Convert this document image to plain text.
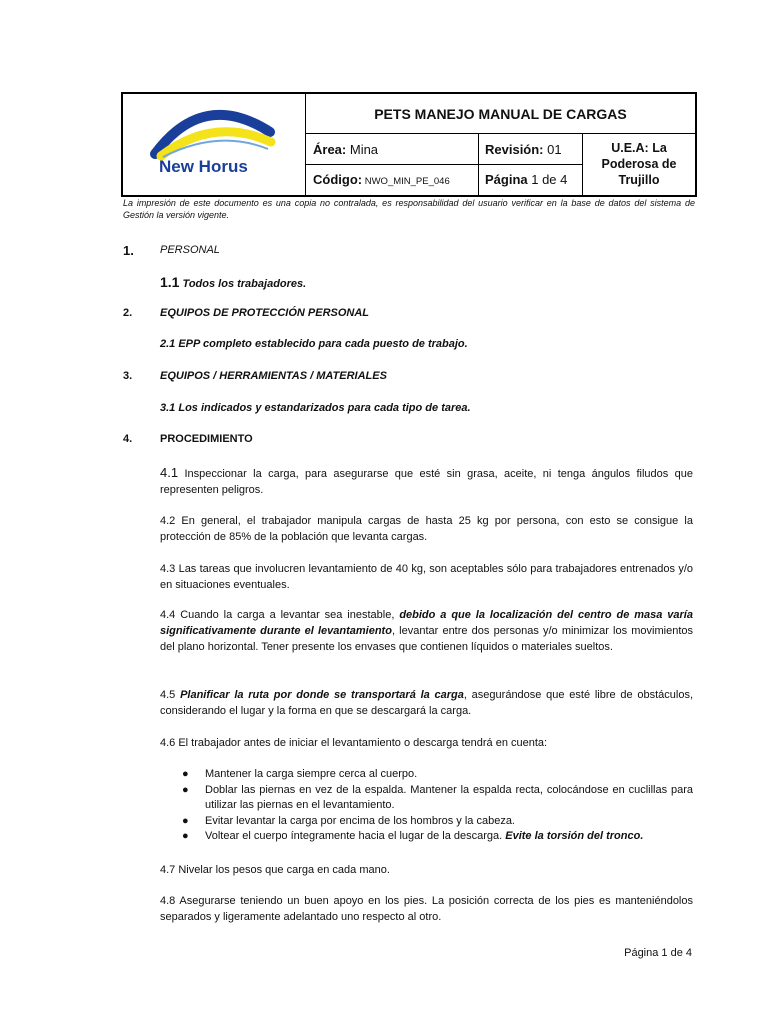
New Horus
PETS MANEJO MANUAL DE CARGAS
Área: Mina	Revisión: 01
Código: NWO_MIN_PE_046	Página 1 de 4
U.E.A: La Poderosa de Trujillo
La impresión de este documento es una copia no contralada, es responsabilidad del usuario verificar en la base de datos del sistema de Gestión la versión vigente.
1. PERSONAL
1.1 Todos los trabajadores.
2.	EQUIPOS DE PROTECCIÓN PERSONAL
2.1 EPP completo establecido para cada puesto de trabajo.
3.	EQUIPOS / HERRAMIENTAS / MATERIALES
3.1 Los indicados y estandarizados para cada tipo de tarea.
4.	PROCEDIMIENTO
4.1 Inspeccionar la carga, para asegurarse que esté sin grasa, aceite, ni tenga ángulos filudos que representen peligros.
4.2 En general, el trabajador manipula cargas de hasta 25 kg por persona, con esto se consigue la protección de 85% de la población que levanta cargas.
4.3 Las tareas que involucren levantamiento de 40 kg, son aceptables sólo para trabajadores entrenados y/o en situaciones eventuales.
4.4 Cuando la carga a levantar sea inestable, debido a que la localización del centro de masa varía significativamente durante el levantamiento, levantar entre dos personas y/o minimizar los movimientos del plano horizontal. Tener presente los envases que contienen líquidos o materiales sueltos.
4.5 Planificar la ruta por donde se transportará la carga, asegurándose que esté libre de obstáculos, considerando el lugar y la forma en que se descargará la carga.
4.6 El trabajador antes de iniciar el levantamiento o descarga tendrá en cuenta:
● Mantener la carga siempre cerca al cuerpo.
● Doblar las piernas en vez de la espalda. Mantener la espalda recta, colocándose en cuclillas para utilizar las piernas en el levantamiento.
● Evitar levantar la carga por encima de los hombros y la cabeza.
● Voltear el cuerpo íntegramente hacia el lugar de la descarga. Evite la torsión del tronco.
4.7 Nivelar los pesos que carga en cada mano.
4.8 Asegurarse teniendo un buen apoyo en los pies. La posición correcta de los pies es manteniéndolos separados y ligeramente adelantado uno respecto al otro.
Página 1 de 4
